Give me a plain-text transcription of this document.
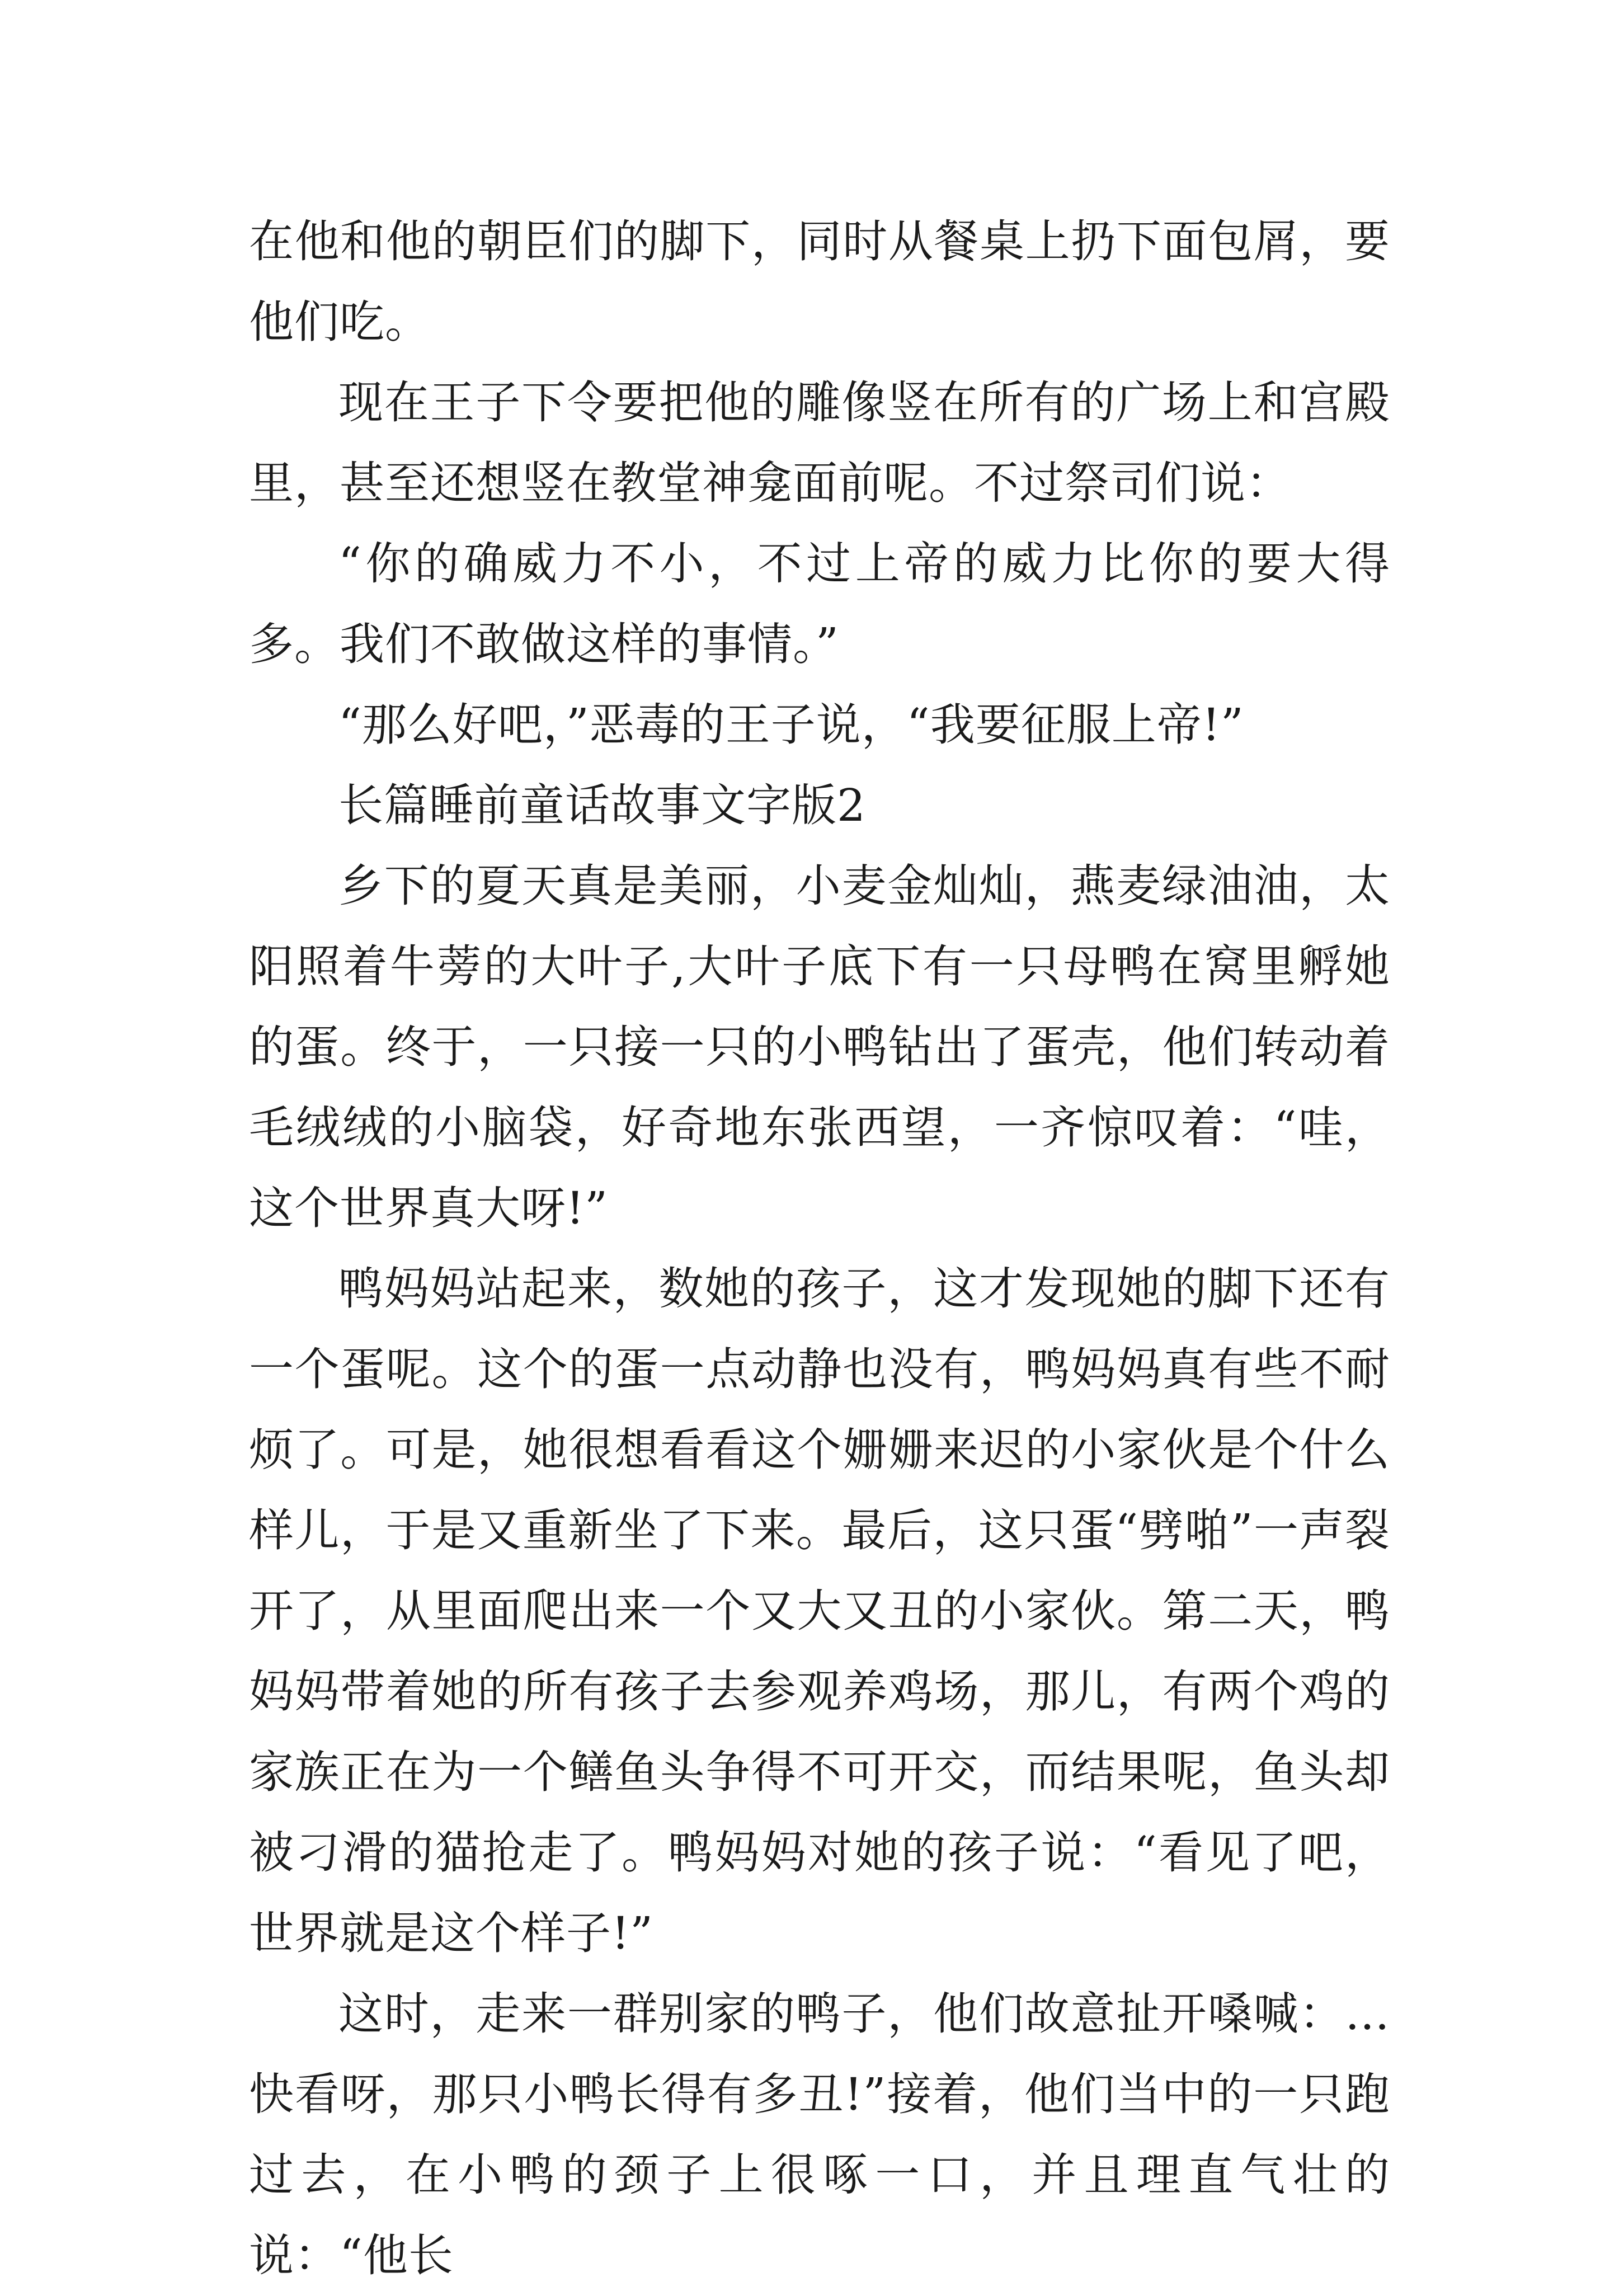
在他和他的朝臣们的脚下，同时从餐桌上扔下面包屑，要他们吃。

现在王子下令要把他的雕像竖在所有的广场上和宫殿里，甚至还想竖在教堂神龛面前呢。不过祭司们说：

“你的确威力不小，不过上帝的威力比你的要大得多。我们不敢做这样的事情。”

“那么好吧，”恶毒的王子说，“我要征服上帝!”

长篇睡前童话故事文字版2

乡下的夏天真是美丽，小麦金灿灿，燕麦绿油油，太阳照着牛蒡的大叶子,大叶子底下有一只母鸭在窝里孵她的蛋。终于，一只接一只的小鸭钻出了蛋壳，他们转动着毛绒绒的小脑袋，好奇地东张西望，一齐惊叹着：“哇，这个世界真大呀!”

鸭妈妈站起来，数她的孩子，这才发现她的脚下还有一个蛋呢。这个的蛋一点动静也没有，鸭妈妈真有些不耐烦了。可是，她很想看看这个姗姗来迟的小家伙是个什么样儿，于是又重新坐了下来。最后，这只蛋“劈啪”一声裂开了，从里面爬出来一个又大又丑的小家伙。第二天，鸭妈妈带着她的所有孩子去参观养鸡场，那儿，有两个鸡的家族正在为一个鳝鱼头争得不可开交，而结果呢，鱼头却被刁滑的猫抢走了。鸭妈妈对她的孩子说：“看见了吧，世界就是这个样子!”

这时，走来一群别家的鸭子，他们故意扯开嗓喊：…快看呀，那只小鸭长得有多丑!”接着，他们当中的一只跑过去，在小鸭的颈子上很啄一口，并且理直气壮的说：“他长
